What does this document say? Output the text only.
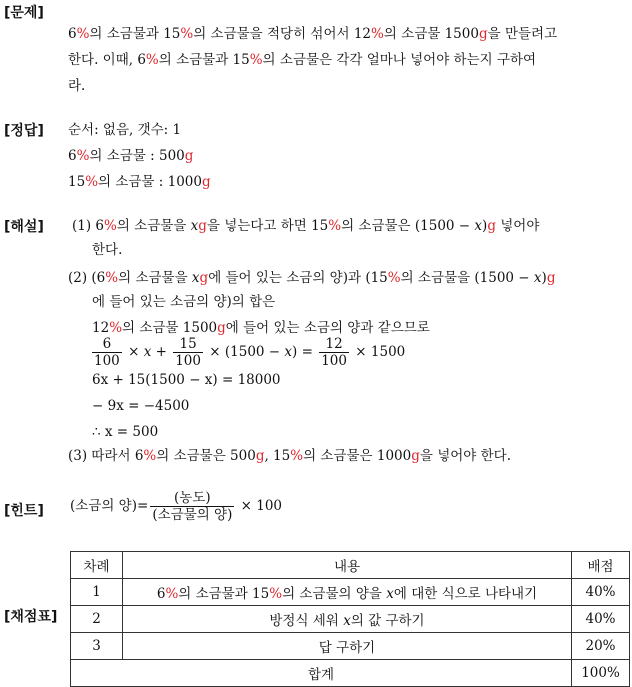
[문제]
[정답]
[해설]
[힌트]
[채점표]
6%의 소금물과 15%의 소금물을 적당히 섞어서 12%의 소금물 1500g을 만들려고
한다. 이때, 6%의 소금물과 15%의 소금물은 각각 얼마나 넣어야 하는지 구하여
라.
순서: 없음, 갯수: 1
6%의 소금물 : 500g
15%의 소금물 : 1000g
(1) 6%의 소금물을 xg을 넣는다고 하면 15%의 소금물은 (1500 − x)g 넣어야
한다.
(2) (6%의 소금물을 xg에 들어 있는 소금의 양)과 (15%의 소금물을 (1500 − x)g
에 들어 있는 소금의 양)의 합은
12%의 소금물 1500g에 들어 있는 소금의 양과 같으므로
$\frac{6}{100} \times x + \frac{15}{100} \times (1500 - x) = \frac{12}{100} \times 1500$
6x + 15(1500 − x) = 18000
− 9x = −4500
∴ x = 500
(3) 따라서 6%의 소금물은 500g, 15%의 소금물은 1000g을 넣어야 한다.
(소금의 양)= $\frac{\text{(농도)}}{\text{(소금물의 양)}} \times 100$
차례	내용	배점
1	6%의 소금물과 15%의 소금물의 양을 x에 대한 식으로 나타내기	40%
2	방정식 세워 x의 값 구하기	40%
3	답 구하기	20%
합계		100%
